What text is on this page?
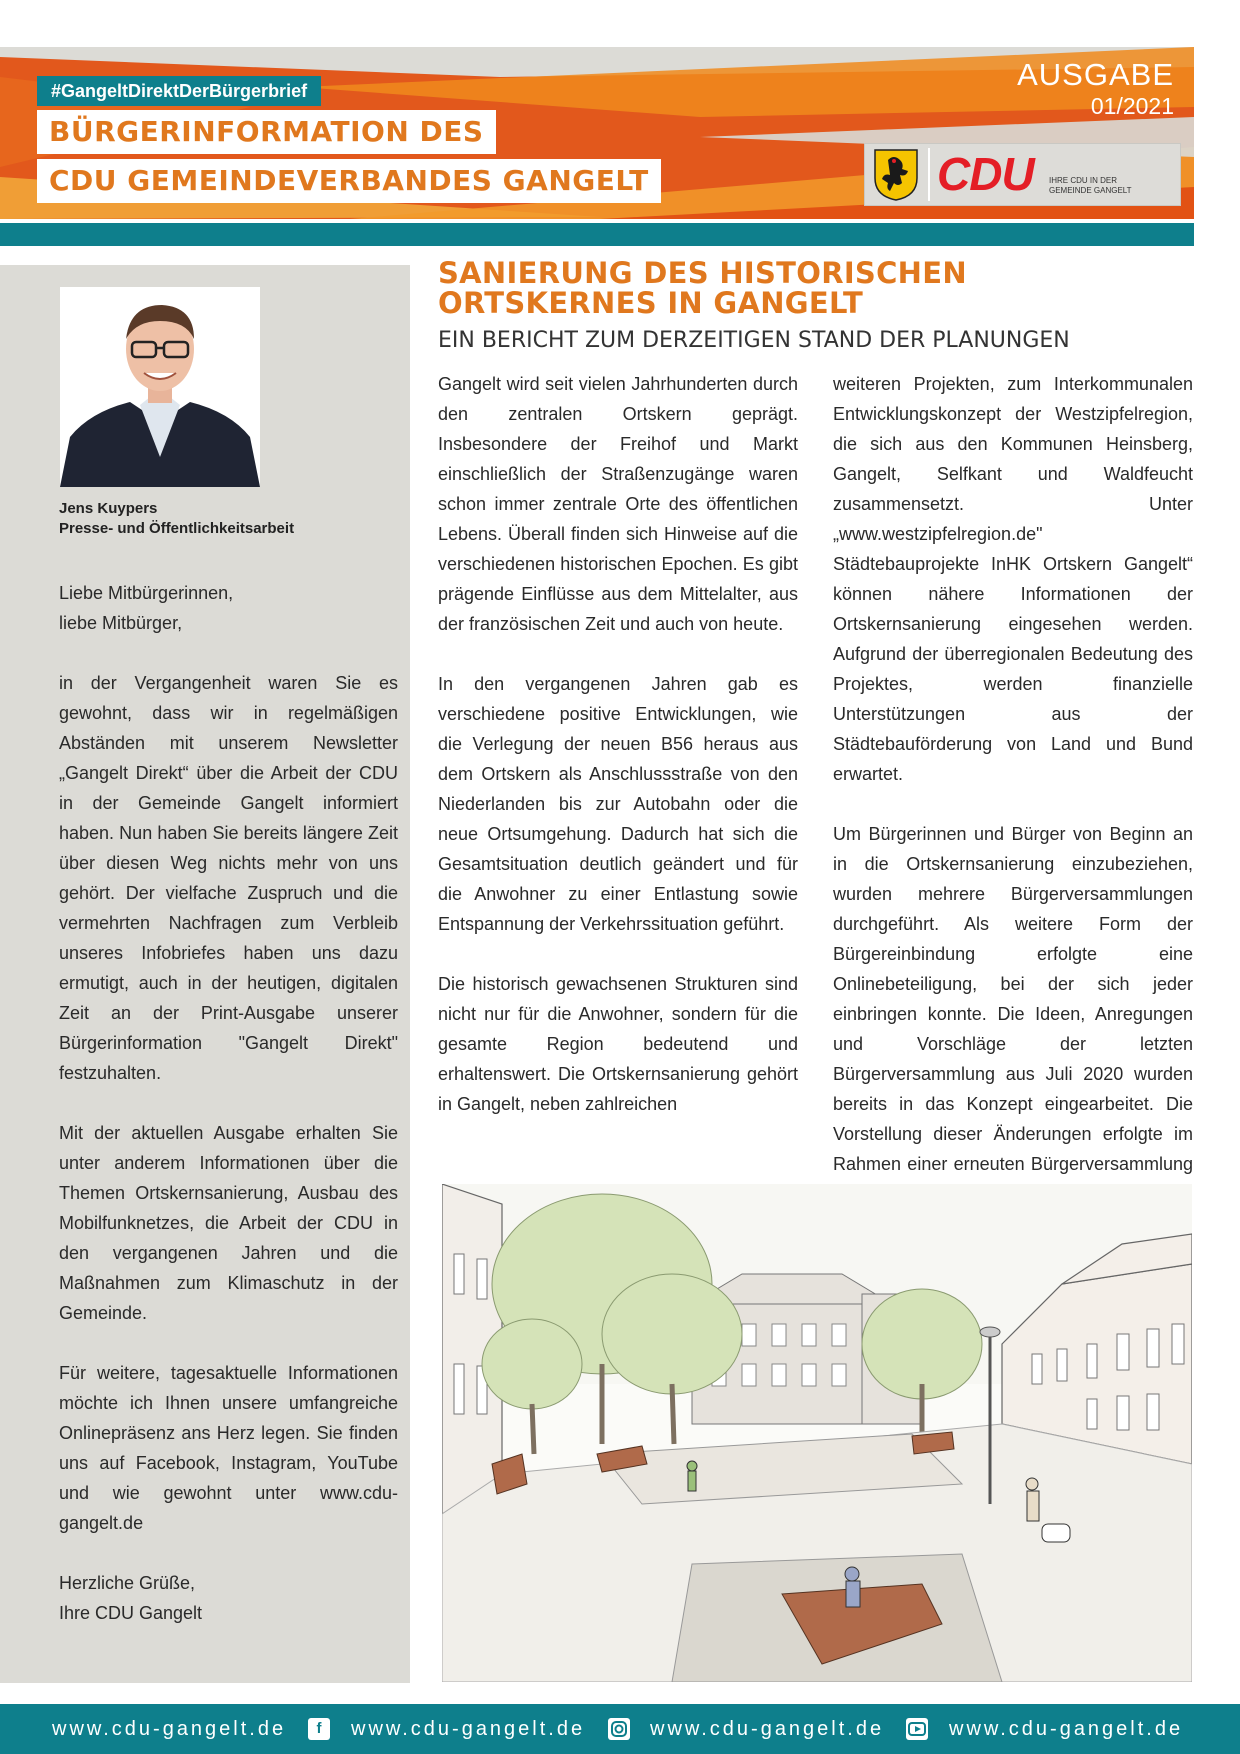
#GangeltDirektDerBürgerbrief
BÜRGERINFORMATION DES
CDU GEMEINDEVERBANDES GANGELT
AUSGABE
01/2021
CDU IHRE CDU IN DER
GEMEINDE GANGELT
Jens Kuypers
Presse- und Öffentlichkeitsarbeit

Liebe Mitbürgerinnen,
liebe Mitbürger,

in der Vergangenheit waren Sie es gewohnt, dass wir in regelmäßigen Abständen mit unserem Newsletter „Gangelt Direkt“ über die Arbeit der CDU in der Gemeinde Gangelt informiert haben. Nun haben Sie bereits längere Zeit über diesen Weg nichts mehr von uns gehört. Der vielfache Zuspruch und die vermehrten Nachfragen zum Verbleib unseres Infobriefes haben uns dazu ermutigt, auch in der heutigen, digitalen Zeit an der Print-Ausgabe unserer Bürgerinformation "Gangelt Direkt" festzuhalten.

Mit der aktuellen Ausgabe erhalten Sie unter anderem Informationen über die Themen Ortskernsanierung, Ausbau des Mobilfunknetzes, die Arbeit der CDU in den vergangenen Jahren und die Maßnahmen zum Klimaschutz in der Gemeinde.

Für weitere, tagesaktuelle Informationen möchte ich Ihnen unsere umfangreiche Onlinepräsenz ans Herz legen. Sie finden uns auf Facebook, Instagram, YouTube und wie gewohnt unter www.cdu-gangelt.de

Herzliche Grüße,
Ihre CDU Gangelt

SANIERUNG DES HISTORISCHEN ORTSKERNES IN GANGELT
EIN BERICHT ZUM DERZEITIGEN STAND DER PLANUNGEN

Gangelt wird seit vielen Jahrhunderten durch den zentralen Ortskern geprägt. Insbesondere der Freihof und Markt einschließlich der Straßenzugänge waren schon immer zentrale Orte des öffentlichen Lebens. Überall finden sich Hinweise auf die verschiedenen historischen Epochen. Es gibt prägende Einflüsse aus dem Mittelalter, aus der französischen Zeit und auch von heute.

In den vergangenen Jahren gab es verschiedene positive Entwicklungen, wie die Verlegung der neuen B56 heraus aus dem Ortskern als Anschlussstraße von den Niederlanden bis zur Autobahn oder die neue Ortsumgehung. Dadurch hat sich die Gesamtsituation deutlich geändert und für die Anwohner zu einer Entlastung sowie Entspannung der Verkehrssituation geführt.

Die historisch gewachsenen Strukturen sind nicht nur für die Anwohner, sondern für die gesamte Region bedeutend und erhaltenswert. Die Ortskernsanierung gehört in Gangelt, neben zahlreichen

weiteren Projekten, zum Interkommunalen Entwicklungskonzept der Westzipfelregion, die sich aus den Kommunen Heinsberg, Gangelt, Selfkant und Waldfeucht zusammensetzt. Unter „www.westzipfelregion.de" Städtebauprojekte InHK Ortskern Gangelt“ können nähere Informationen der Ortskernsanierung eingesehen werden. Aufgrund der überregionalen Bedeutung des Projektes, werden finanzielle Unterstützungen aus der Städtebauförderung von Land und Bund erwartet.

Um Bürgerinnen und Bürger von Beginn an in die Ortskernsanierung einzubeziehen, wurden mehrere Bürgerversammlungen durchgeführt. Als weitere Form der Bürgereinbindung erfolgte eine Onlinebeteiligung, bei der sich jeder einbringen konnte. Die Ideen, Anregungen und Vorschläge der letzten Bürgerversammlung aus Juli 2020 wurden bereits in das Konzept eingearbeitet. Die Vorstellung dieser Änderungen erfolgte im Rahmen einer erneuten Bürgerversammlung

www.cdu-gangelt.de	f	www.cdu-gangelt.de	www.cdu-gangelt.de	www.cdu-gangelt.de
